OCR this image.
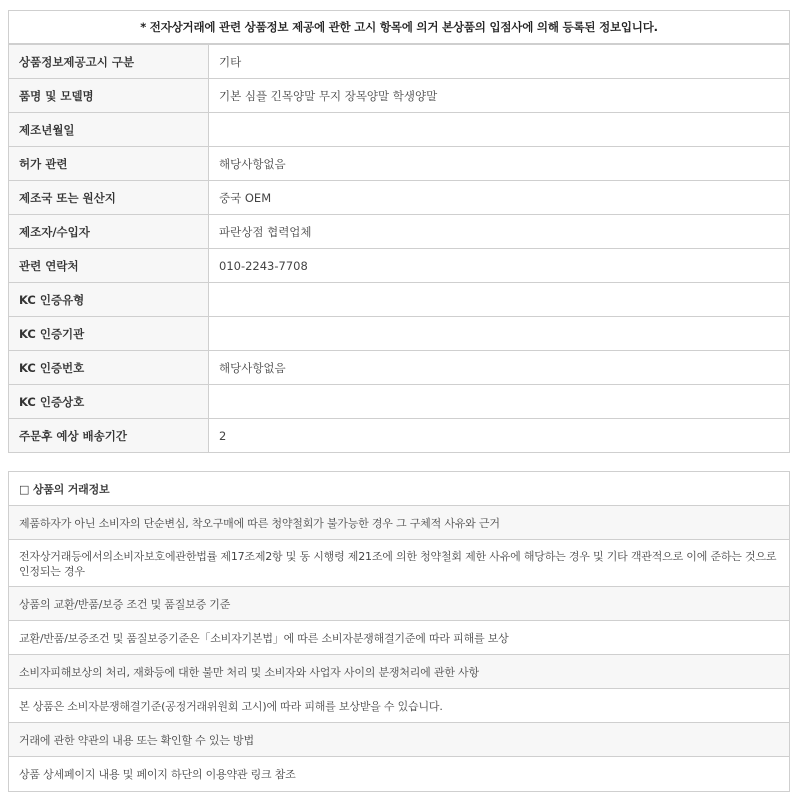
* 전자상거래에 관련 상품정보 제공에 관한 고시 항목에 의거 본상품의 입점사에 의해 등록된 정보입니다.
상품정보제공고시 구분	기타
품명 및 모델명	기본 심플 긴목양말 무지 장목양말 학생양말
제조년월일	
허가 관련	해당사항없음
제조국 또는 원산지	중국 OEM
제조자/수입자	파란상점 협력업체
관련 연락처	010-2243-7708
KC 인증유형	
KC 인증기관	
KC 인증번호	해당사항없음
KC 인증상호	
주문후 예상 배송기간	2
□ 상품의 거래정보
제품하자가 아닌 소비자의 단순변심, 착오구매에 따른 청약철회가 불가능한 경우 그 구체적 사유와 근거
전자상거래등에서의소비자보호에관한법률 제17조제2항 및 동 시행령 제21조에 의한 청약철회 제한 사유에 해당하는 경우 및 기타 객관적으로 이에 준하는 것으로 인정되는 경우
상품의 교환/반품/보증 조건 및 품질보증 기준
교환/반품/보증조건 및 품질보증기준은「소비자기본법」에 따른 소비자분쟁해결기준에 따라 피해를 보상
소비자피해보상의 처리, 재화등에 대한 불만 처리 및 소비자와 사업자 사이의 분쟁처리에 관한 사항
본 상품은 소비자분쟁해결기준(공정거래위원회 고시)에 따라 피해를 보상받을 수 있습니다.
거래에 관한 약관의 내용 또는 확인할 수 있는 방법
상품 상세페이지 내용 및 페이지 하단의 이용약관 링크 참조
